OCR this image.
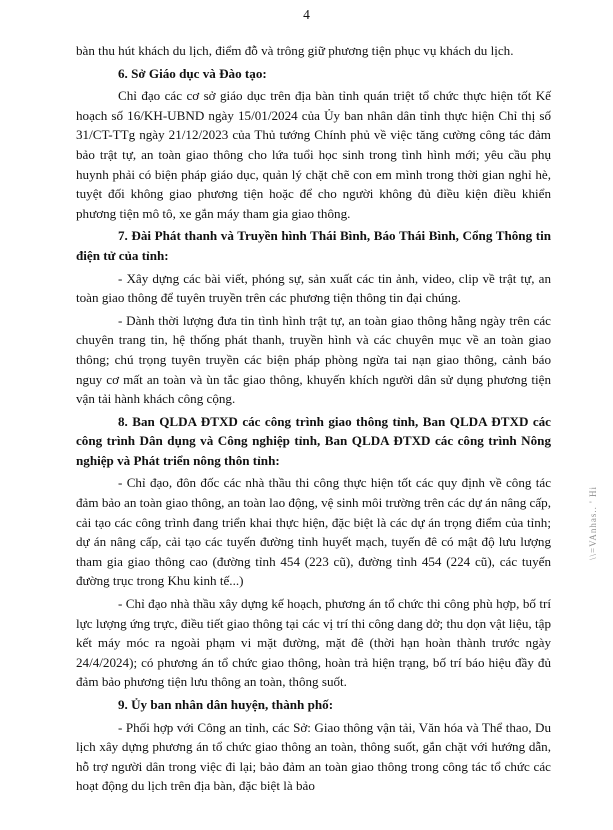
4

bàn thu hút khách du lịch, điểm đỗ và trông giữ phương tiện phục vụ khách du lịch.

6. Sở Giáo dục và Đào tạo:

Chỉ đạo các cơ sở giáo dục trên địa bàn tỉnh quán triệt tổ chức thực hiện tốt Kế hoạch số 16/KH-UBND ngày 15/01/2024 của Ủy ban nhân dân tỉnh thực hiện Chỉ thị số 31/CT-TTg ngày 21/12/2023 của Thủ tướng Chính phủ về việc tăng cường công tác đảm bảo trật tự, an toàn giao thông cho lứa tuổi học sinh trong tình hình mới; yêu cầu phụ huynh phải có biện pháp giáo dục, quản lý chặt chẽ con em mình trong thời gian nghỉ hè, tuyệt đối không giao phương tiện hoặc để cho người không đủ điều kiện điều khiển phương tiện mô tô, xe gắn máy tham gia giao thông.

7. Đài Phát thanh và Truyền hình Thái Bình, Báo Thái Bình, Cổng Thông tin điện tử của tỉnh:

- Xây dựng các bài viết, phóng sự, sản xuất các tin ảnh, video, clip về trật tự, an toàn giao thông để tuyên truyền trên các phương tiện thông tin đại chúng.

- Dành thời lượng đưa tin tình hình trật tự, an toàn giao thông hằng ngày trên các chuyên trang tin, hệ thống phát thanh, truyền hình và các chuyên mục về an toàn giao thông; chú trọng tuyên truyền các biện pháp phòng ngừa tai nạn giao thông, cảnh báo nguy cơ mất an toàn và ùn tắc giao thông, khuyến khích người dân sử dụng phương tiện vận tải hành khách công cộng.

8. Ban QLDA ĐTXD các công trình giao thông tỉnh, Ban QLDA ĐTXD các công trình Dân dụng và Công nghiệp tỉnh, Ban QLDA ĐTXD các công trình Nông nghiệp và Phát triển nông thôn tỉnh:

- Chỉ đạo, đôn đốc các nhà thầu thi công thực hiện tốt các quy định về công tác đảm bảo an toàn giao thông, an toàn lao động, vệ sinh môi trường trên các dự án nâng cấp, cải tạo các công trình đang triển khai thực hiện, đặc biệt là các dự án trọng điểm của tỉnh; dự án nâng cấp, cải tạo các tuyến đường tỉnh huyết mạch, tuyến đê có mật độ lưu lượng tham gia giao thông cao (đường tỉnh 454 (223 cũ), đường tỉnh 454 (224 cũ), các tuyến đường trục trong Khu kinh tế...)

- Chỉ đạo nhà thầu xây dựng kế hoạch, phương án tổ chức thi công phù hợp, bố trí lực lượng ứng trực, điều tiết giao thông tại các vị trí thi công dang dở; thu dọn vật liệu, tập kết máy móc ra ngoài phạm vi mặt đường, mặt đê (thời hạn hoàn thành trước ngày 24/4/2024); có phương án tổ chức giao thông, hoàn trả hiện trạng, bố trí báo hiệu đầy đủ đảm bảo phương tiện lưu thông an toàn, thông suốt.

9. Ủy ban nhân dân huyện, thành phố:

- Phối hợp với Công an tỉnh, các Sở: Giao thông vận tải, Văn hóa và Thể thao, Du lịch xây dựng phương án tổ chức giao thông an toàn, thông suốt, gắn chặt với hướng dẫn, hỗ trợ người dân trong việc đi lại; bảo đảm an toàn giao thông trong công tác tổ chức các hoạt động du lịch trên địa bàn, đặc biệt là bảo

\\=VAnhas.. ' Hi
